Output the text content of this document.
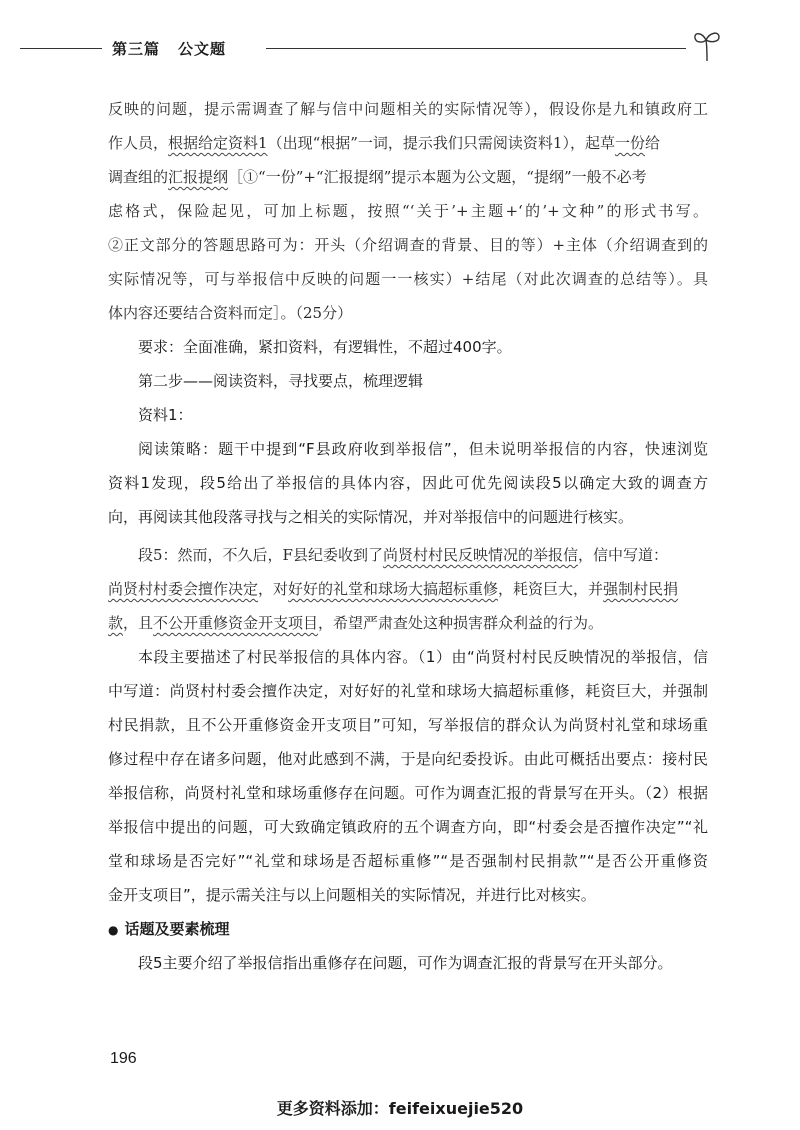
第三篇 公文题
反映的问题，提示需调查了解与信中问题相关的实际情况等），假设你是九和镇政府工
作人员，根据给定资料1（出现“根据”一词，提示我们只需阅读资料1），起草一份给
调查组的汇报提纲［①“一份”+“汇报提纲”提示本题为公文题，“提纲”一般不必考
虑格式，保险起见，可加上标题，按照“‘关于’+主题+‘的’+文种”的形式书写。
②正文部分的答题思路可为：开头（介绍调查的背景、目的等）+主体（介绍调查到的
实际情况等，可与举报信中反映的问题一一核实）+结尾（对此次调查的总结等）。具
体内容还要结合资料而定］。（25分）
要求：全面准确，紧扣资料，有逻辑性，不超过400字。
第二步——阅读资料，寻找要点，梳理逻辑
资料1：
阅读策略：题干中提到“F县政府收到举报信”，但未说明举报信的内容，快速浏览
资料1发现，段5给出了举报信的具体内容，因此可优先阅读段5以确定大致的调查方
向，再阅读其他段落寻找与之相关的实际情况，并对举报信中的问题进行核实。
段5：然而，不久后，F县纪委收到了尚贤村村民反映情况的举报信，信中写道：
尚贤村村委会擅作决定，对好好的礼堂和球场大搞超标重修，耗资巨大，并强制村民捐
款，且不公开重修资金开支项目，希望严肃查处这种损害群众利益的行为。
本段主要描述了村民举报信的具体内容。（1）由“尚贤村村民反映情况的举报信，信
中写道：尚贤村村委会擅作决定，对好好的礼堂和球场大搞超标重修，耗资巨大，并强制
村民捐款，且不公开重修资金开支项目”可知，写举报信的群众认为尚贤村礼堂和球场重
修过程中存在诸多问题，他对此感到不满，于是向纪委投诉。由此可概括出要点：接村民
举报信称，尚贤村礼堂和球场重修存在问题。可作为调查汇报的背景写在开头。（2）根据
举报信中提出的问题，可大致确定镇政府的五个调查方向，即“村委会是否擅作决定”“礼
堂和球场是否完好”“礼堂和球场是否超标重修”“是否强制村民捐款”“是否公开重修资
金开支项目”，提示需关注与以上问题相关的实际情况，并进行比对核实。
● 话题及要素梳理
段5主要介绍了举报信指出重修存在问题，可作为调查汇报的背景写在开头部分。
196
更多资料添加：feifeixuejie520
